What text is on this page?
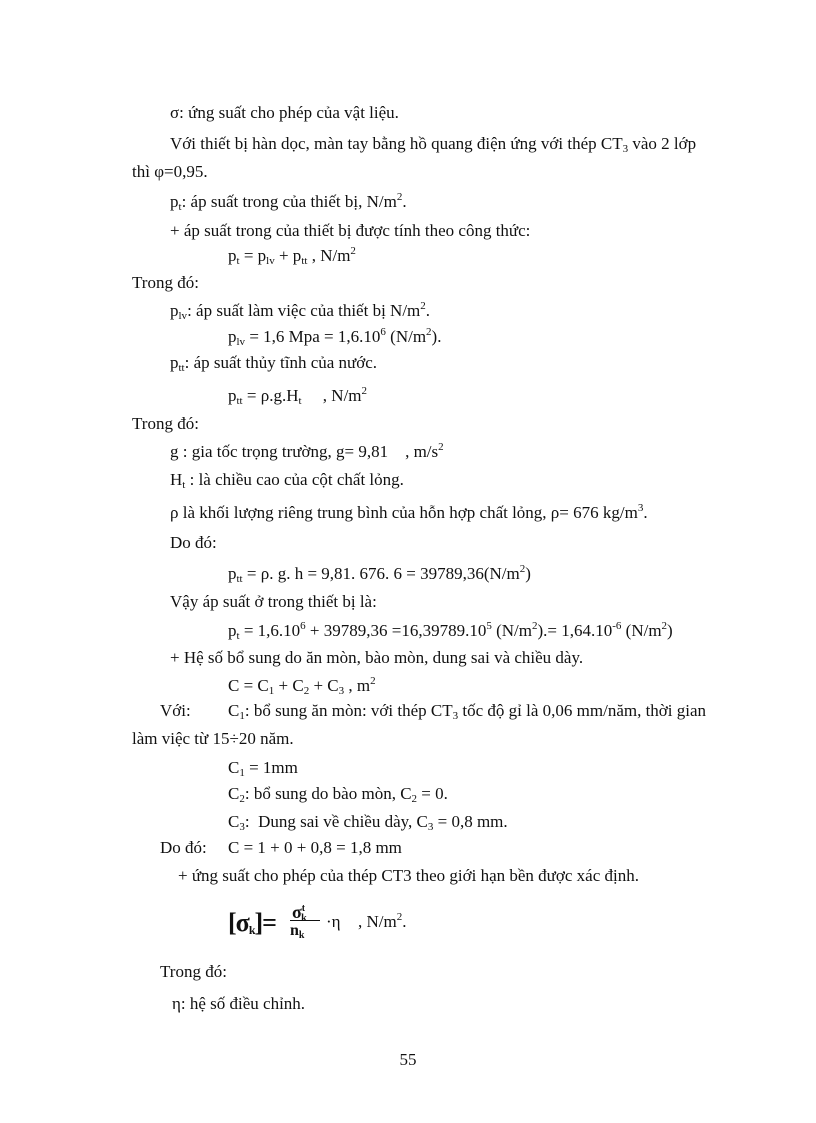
σ: ứng suất cho phép của vật liệu.
Với thiết bị hàn dọc, màn tay bằng hồ quang điện ứng với thép $CT_3$ vào 2 lớp
thì φ=0,95.
$p_t$: áp suất trong của thiết bị, $N/m^2$.
+ áp suất trong của thiết bị được tính theo công thức:
$p_t = p_{lv} + p_{tt}$ , $N/m^2$
Trong đó:
$p_{lv}$: áp suất làm việc của thiết bị $N/m^2$.
$p_{lv} = 1,6$ Mpa = $1,6.10^6$ $(N/m^2)$.
$p_{tt}$: áp suất thủy tĩnh của nước.
$p_{tt} = \rho.g.H_t$     , $N/m^2$
Trong đó:
g : gia tốc trọng trường, g= 9,81    , $m/s^2$
$H_t$ : là chiều cao của cột chất lỏng.
ρ là khối lượng riêng trung bình của hỗn hợp chất lỏng, ρ= 676 $kg/m^3$.
Do đó:
$p_{tt} = \rho$. g. h = 9,81. 676. $6 = 39789,36(N/m^2)$
Vậy áp suất ở trong thiết bị là:
$p_t = 1,6.10^6 + 39789,36 =16,39789.10^5$ $(N/m^2).= 1,64.10^{-6}$ $(N/m^2)$
+ Hệ số bổ sung do ăn mòn, bào mòn, dung sai và chiều dày.
$C = C_1 + C_2 + C_3$ , $m^2$
Với: $C_1$: bổ sung ăn mòn: với thép $CT_3$ tốc độ gỉ là 0,06 mm/năm, thời gian
làm việc từ 15÷20 năm.
$C_1 = 1mm$
$C_2$: bổ sung do bào mòn, $C_2 = 0$.
$C_3$:  Dung sai về chiều dày, $C_3 = 0,8$ mm.
Do đó: C = 1 + 0 + 0,8 = 1,8 mm
+ ứng suất cho phép của thép CT3 theo giới hạn bền được xác định.
$[\sigma_k]= \sigma^t_k$
$n_k$
·η , $N/m^2$.
Trong đó:
η: hệ số điều chỉnh.
55
